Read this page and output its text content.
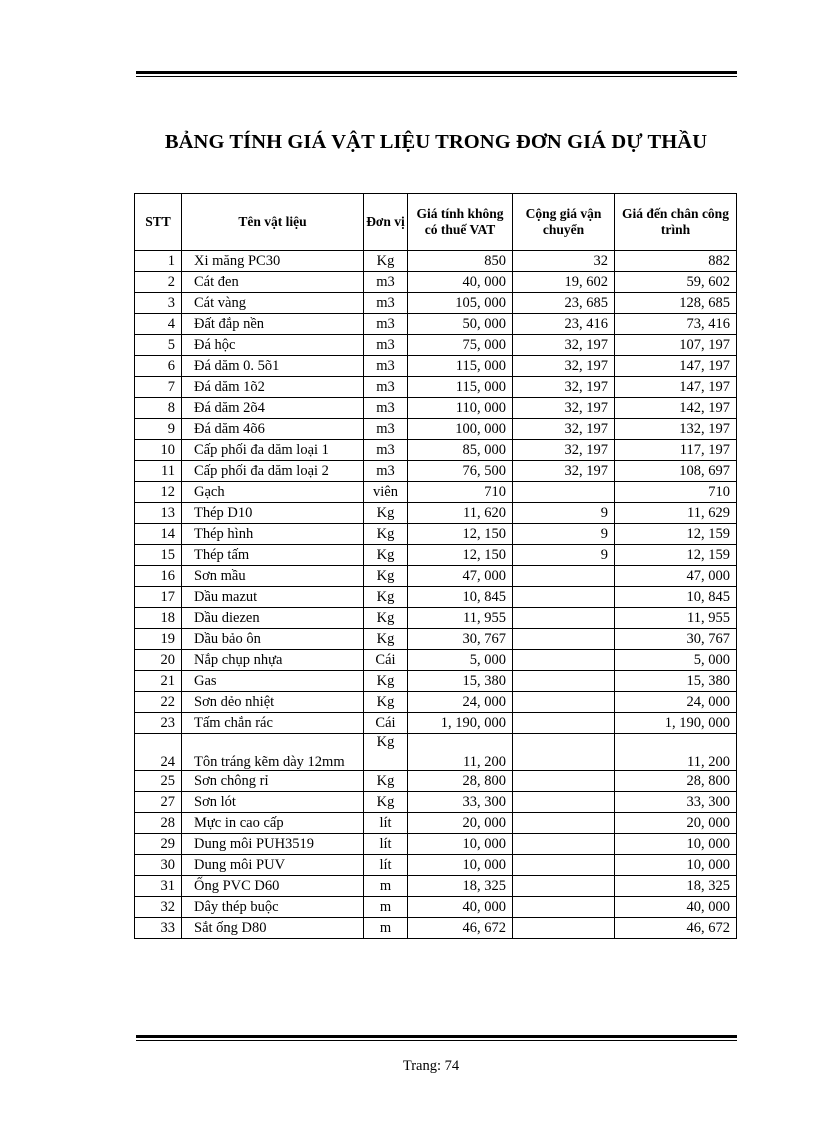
BẢNG TÍNH GIÁ VẬT LIỆU TRONG ĐƠN GIÁ DỰ THẦU
STT	Tên vật liệu	Đơn vị	Giá tính không có thuế VAT	Cộng giá vận chuyển	Giá đến chân công trình
1	Xi măng PC30	Kg	850	32	882
2	Cát đen	m3	40, 000	19, 602	59, 602
3	Cát vàng	m3	105, 000	23, 685	128, 685
4	Đất đắp nền	m3	50, 000	23, 416	73, 416
5	Đá hộc	m3	75, 000	32, 197	107, 197
6	Đá dăm 0. 5õ1	m3	115, 000	32, 197	147, 197
7	Đá dăm 1õ2	m3	115, 000	32, 197	147, 197
8	Đá dăm 2õ4	m3	110, 000	32, 197	142, 197
9	Đá dăm 4õ6	m3	100, 000	32, 197	132, 197
10	Cấp phối đa dăm loại 1	m3	85, 000	32, 197	117, 197
11	Cấp phối đa dăm loại 2	m3	76, 500	32, 197	108, 697
12	Gạch	viên	710		710
13	Thép D10	Kg	11, 620	9	11, 629
14	Thép hình	Kg	12, 150	9	12, 159
15	Thép tấm	Kg	12, 150	9	12, 159
16	Sơn mầu	Kg	47, 000		47, 000
17	Dầu mazut	Kg	10, 845		10, 845
18	Dầu diezen	Kg	11, 955		11, 955
19	Dầu bảo ôn	Kg	30, 767		30, 767
20	Nắp chụp nhựa	Cái	5, 000		5, 000
21	Gas	Kg	15, 380		15, 380
22	Sơn dẻo nhiệt	Kg	24, 000		24, 000
23	Tấm chắn rác	Cái	1, 190, 000		1, 190, 000
24	Tôn tráng kẽm dày 12mm	Kg	11, 200		11, 200
25	Sơn chông rỉ	Kg	28, 800		28, 800
27	Sơn lót	Kg	33, 300		33, 300
28	Mực in cao cấp	lít	20, 000		20, 000
29	Dung môi PUH3519	lít	10, 000		10, 000
30	Dung môi PUV	lít	10, 000		10, 000
31	Ống PVC D60	m	18, 325		18, 325
32	Dây thép buộc	m	40, 000		40, 000
33	Sắt ống D80	m	46, 672		46, 672
Trang: 74
